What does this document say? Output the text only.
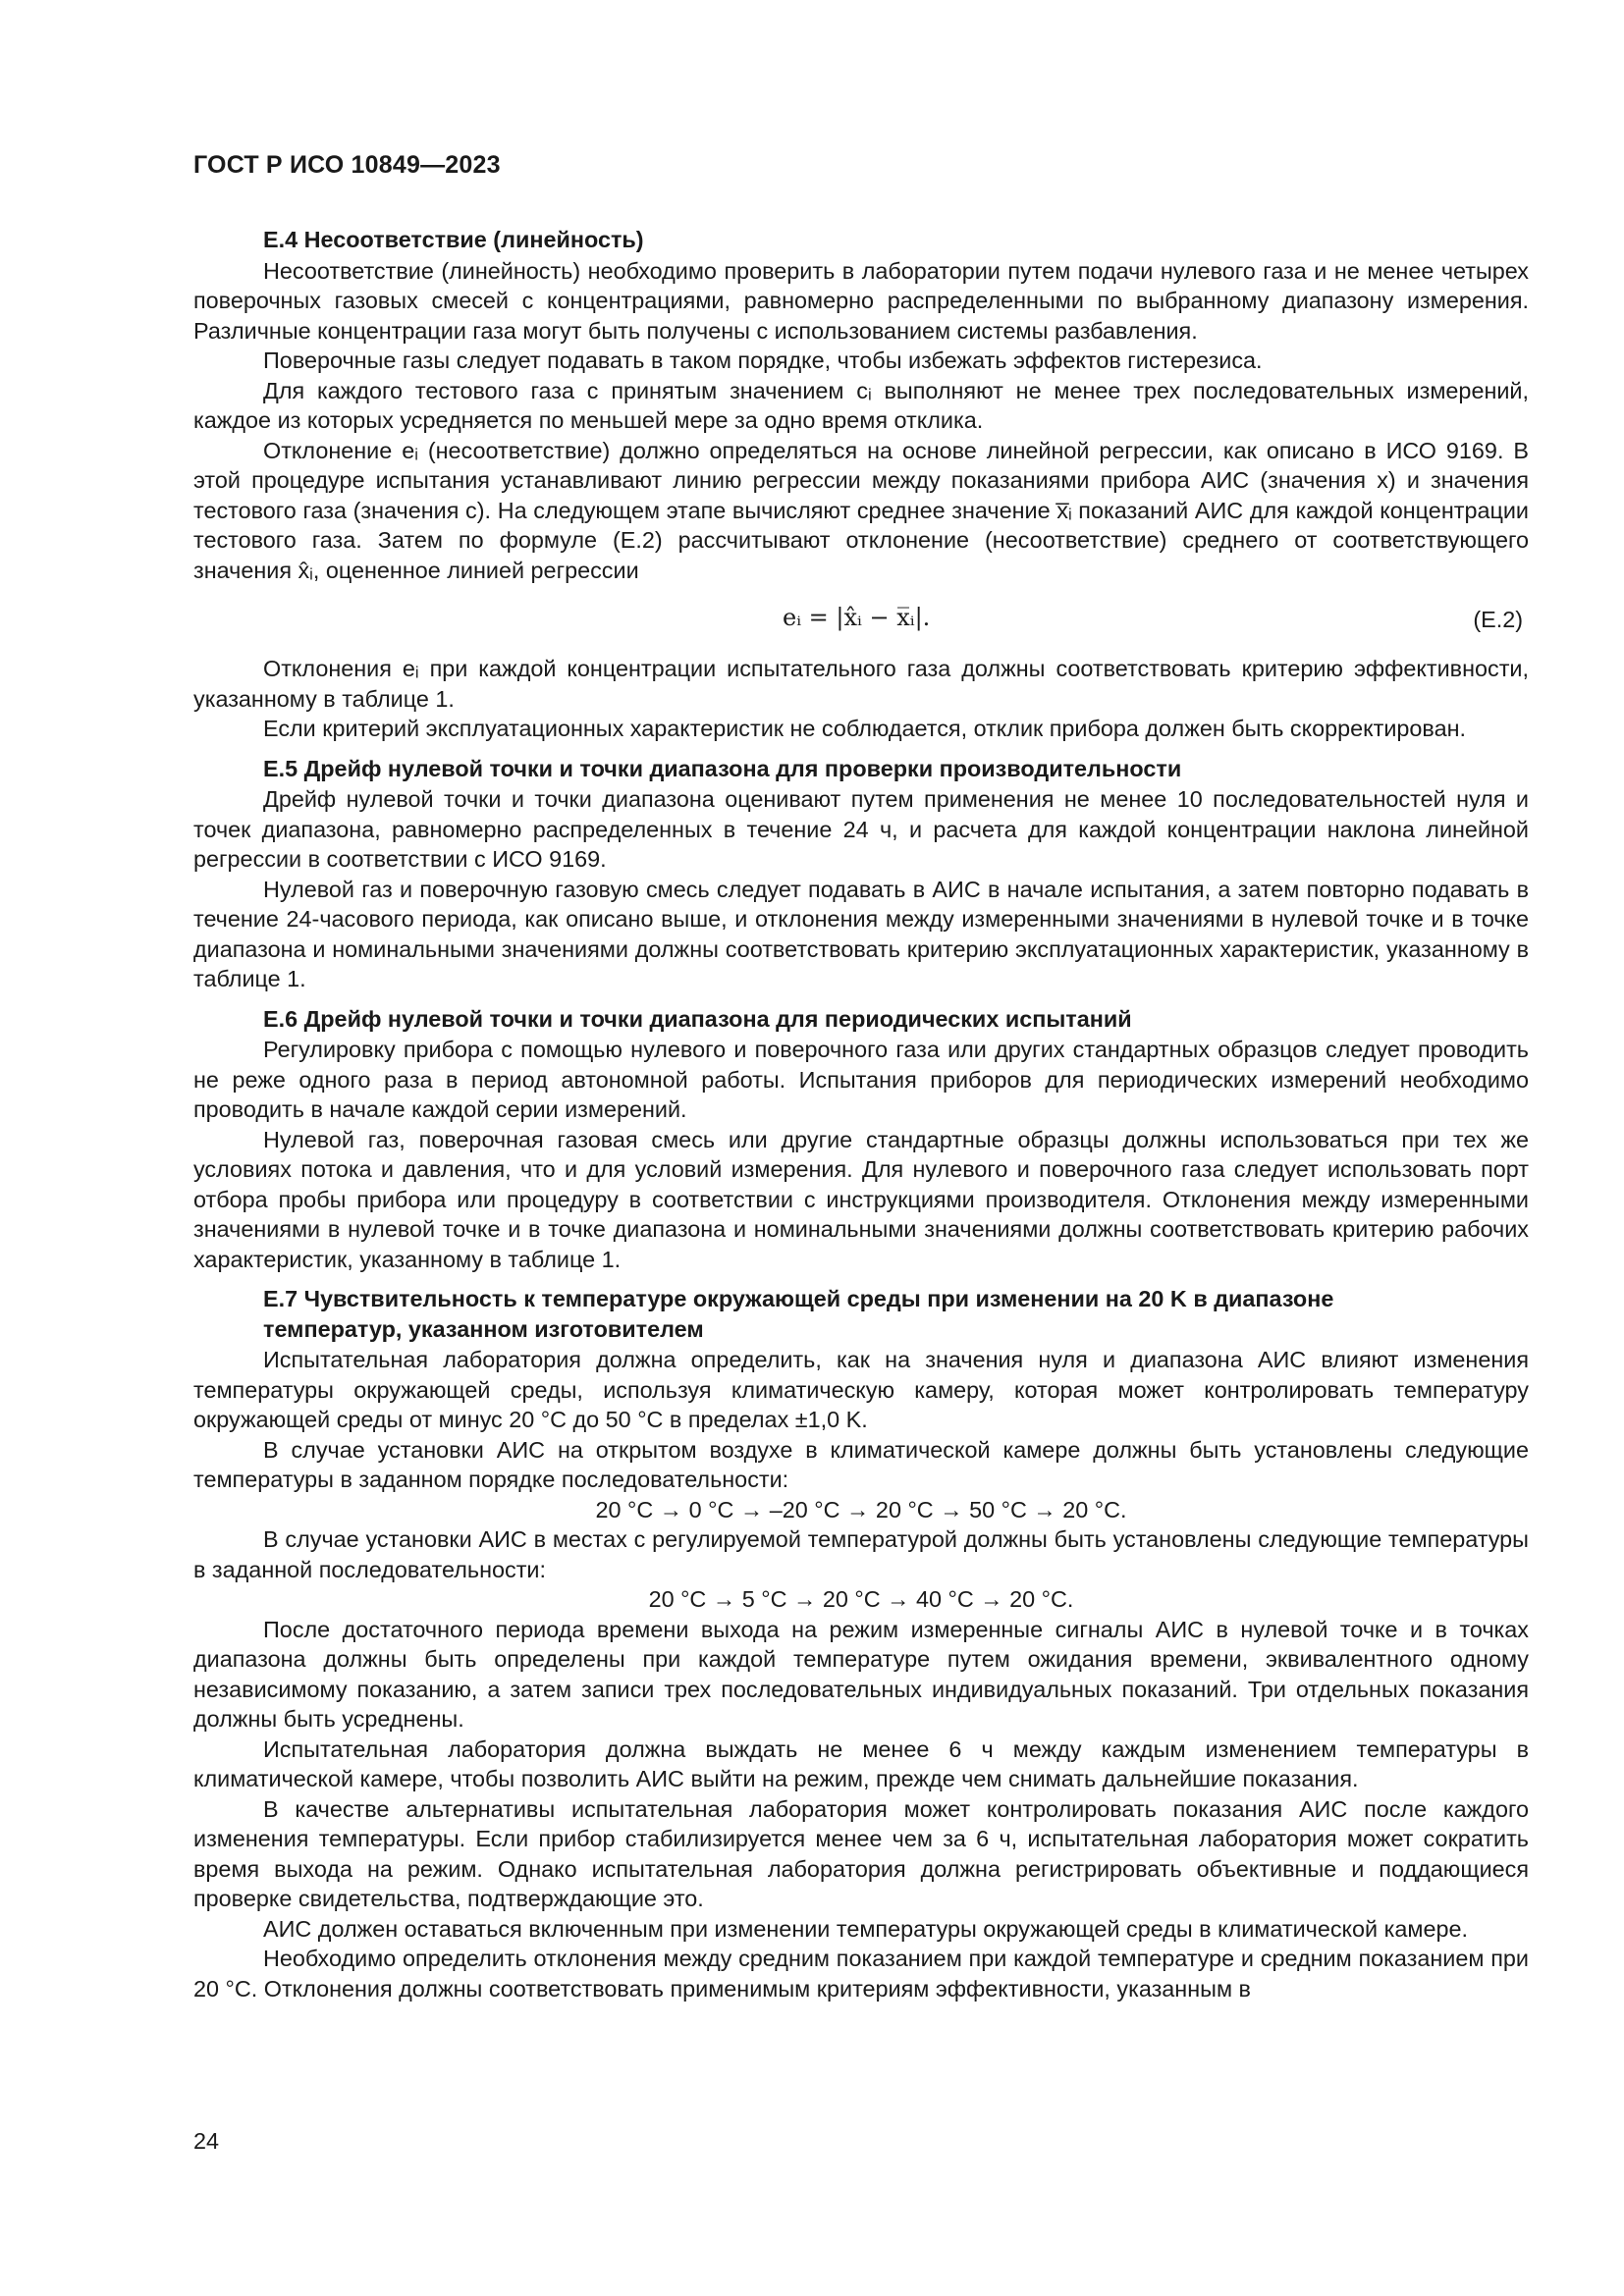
ГОСТ Р ИСО 10849—2023
Е.4 Несоответствие (линейность)

Несоответствие (линейность) необходимо проверить в лаборатории путем подачи нулевого газа и не менее четырех поверочных газовых смесей с концентрациями, равномерно распределенными по выбранному диапазону измерения. Различные концентрации газа могут быть получены с использованием системы разбавления.

Поверочные газы следует подавать в таком порядке, чтобы избежать эффектов гистерезиса.

Для каждого тестового газа с принятым значением cᵢ выполняют не менее трех последовательных измерений, каждое из которых усредняется по меньшей мере за одно время отклика.

Отклонение eᵢ (несоответствие) должно определяться на основе линейной регрессии, как описано в ИСО 9169. В этой процедуре испытания устанавливают линию регрессии между показаниями прибора АИС (значения x) и значения тестового газа (значения c). На следующем этапе вычисляют среднее значение x̅ᵢ показаний АИС для каждой концентрации тестового газа. Затем по формуле (Е.2) рассчитывают отклонение (несоответствие) среднего от соответствующего значения x̂ᵢ, оцененное линией регрессии

eᵢ = |x̂ᵢ − x̅ᵢ|.	(Е.2)

Отклонения eᵢ при каждой концентрации испытательного газа должны соответствовать критерию эффективности, указанному в таблице 1.

Если критерий эксплуатационных характеристик не соблюдается, отклик прибора должен быть скорректирован.

Е.5 Дрейф нулевой точки и точки диапазона для проверки производительности

Дрейф нулевой точки и точки диапазона оценивают путем применения не менее 10 последовательностей нуля и точек диапазона, равномерно распределенных в течение 24 ч, и расчета для каждой концентрации наклона линейной регрессии в соответствии с ИСО 9169.

Нулевой газ и поверочную газовую смесь следует подавать в АИС в начале испытания, а затем повторно подавать в течение 24-часового периода, как описано выше, и отклонения между измеренными значениями в нулевой точке и в точке диапазона и номинальными значениями должны соответствовать критерию эксплуатационных характеристик, указанному в таблице 1.

Е.6 Дрейф нулевой точки и точки диапазона для периодических испытаний

Регулировку прибора с помощью нулевого и поверочного газа или других стандартных образцов следует проводить не реже одного раза в период автономной работы. Испытания приборов для периодических измерений необходимо проводить в начале каждой серии измерений.

Нулевой газ, поверочная газовая смесь или другие стандартные образцы должны использоваться при тех же условиях потока и давления, что и для условий измерения. Для нулевого и поверочного газа следует использовать порт отбора пробы прибора или процедуру в соответствии с инструкциями производителя. Отклонения между измеренными значениями в нулевой точке и в точке диапазона и номинальными значениями должны соответствовать критерию рабочих характеристик, указанному в таблице 1.

Е.7 Чувствительность к температуре окружающей среды при изменении на 20 K в диапазоне
температур, указанном изготовителем

Испытательная лаборатория должна определить, как на значения нуля и диапазона АИС влияют изменения температуры окружающей среды, используя климатическую камеру, которая может контролировать температуру окружающей среды от минус 20 °С до 50 °С в пределах ±1,0 K.

В случае установки АИС на открытом воздухе в климатической камере должны быть установлены следующие температуры в заданном порядке последовательности:

20 °С → 0 °С → –20 °С → 20 °С → 50 °С → 20 °С.

В случае установки АИС в местах с регулируемой температурой должны быть установлены следующие температуры в заданной последовательности:

20 °С → 5 °С → 20 °С → 40 °С → 20 °С.

После достаточного периода времени выхода на режим измеренные сигналы АИС в нулевой точке и в точках диапазона должны быть определены при каждой температуре путем ожидания времени, эквивалентного одному независимому показанию, а затем записи трех последовательных индивидуальных показаний. Три отдельных показания должны быть усреднены.

Испытательная лаборатория должна выждать не менее 6 ч между каждым изменением температуры в климатической камере, чтобы позволить АИС выйти на режим, прежде чем снимать дальнейшие показания.

В качестве альтернативы испытательная лаборатория может контролировать показания АИС после каждого изменения температуры. Если прибор стабилизируется менее чем за 6 ч, испытательная лаборатория может сократить время выхода на режим. Однако испытательная лаборатория должна регистрировать объективные и поддающиеся проверке свидетельства, подтверждающие это.

АИС должен оставаться включенным при изменении температуры окружающей среды в климатической камере.

Необходимо определить отклонения между средним показанием при каждой температуре и средним показанием при 20 °С. Отклонения должны соответствовать применимым критериям эффективности, указанным в

24
